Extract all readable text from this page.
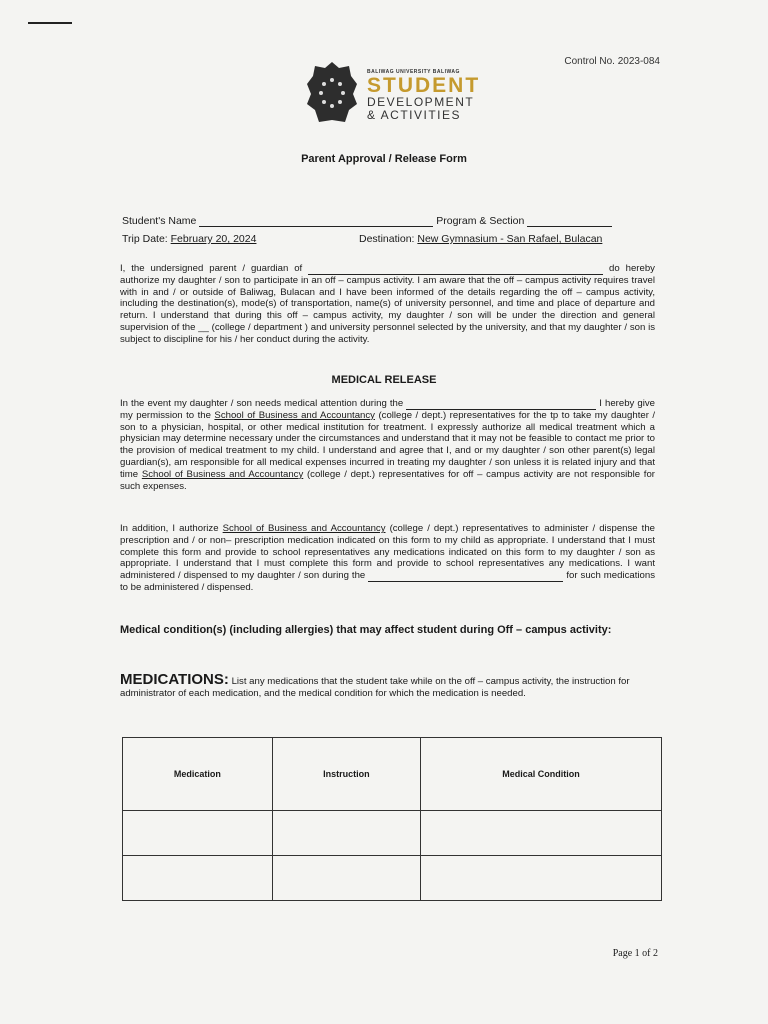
Control No. 2023-084
BALIWAG UNIVERSITY BALIWAG
STUDENT
DEVELOPMENT
& ACTIVITIES
Parent Approval / Release Form
Student's Name	Program & Section
Trip Date: February 20, 2024	Destination: New Gymnasium - San Rafael, Bulacan
I, the undersigned parent / guardian of	do hereby authorize my daughter / son to participate in an off – campus activity. I am aware that the off – campus activity requires travel with in and / or outside of Baliwag, Bulacan and I have been informed of the details regarding the off – campus activity, including the destination(s), mode(s) of transportation, name(s) of university personnel, and time and place of departure and return. I understand that during this off – campus activity, my daughter / son will be under the direction and general supervision of the __ (college / department ) and university personnel selected by the university, and that my daughter / son is subject to discipline for his / her conduct during the activity.
MEDICAL RELEASE
In the event my daughter / son needs medical attention during the	I hereby give my permission to the School of Business and Accountancy (college / dept.) representatives for the tp to take my daughter / son to a physician, hospital, or other medical institution for treatment. I expressly authorize all medical treatment which a physician may determine necessary under the circumstances and understand that it may not be feasible to contact me prior to the provision of medical treatment to my child. I understand and agree that I, and or my daughter / son other parent(s) legal guardian(s), am responsible for all medical expenses incurred in treating my daughter / son unless it is related injury and that time School of Business and Accountancy (college / dept.) representatives for off – campus activity are not responsible for such expenses.
In addition, I authorize School of Business and Accountancy (college / dept.) representatives to administer / dispense the prescription and / or non– prescription medication indicated on this form to my child as appropriate. I understand that I must complete this form and provide to school representatives any medications indicated on this form to my daughter / son as appropriate. I understand that I must complete this form and provide to school representatives any medications. I want administered / dispensed to my daughter / son during the	for such medications to be administered / dispensed.
Medical condition(s) (including allergies) that may affect student during Off – campus activity:
MEDICATIONS: List any medications that the student take while on the off – campus activity, the instruction for administrator of each medication, and the medical condition for which the medication is needed.
Medication	Instruction	Medical Condition

Page 1 of 2
